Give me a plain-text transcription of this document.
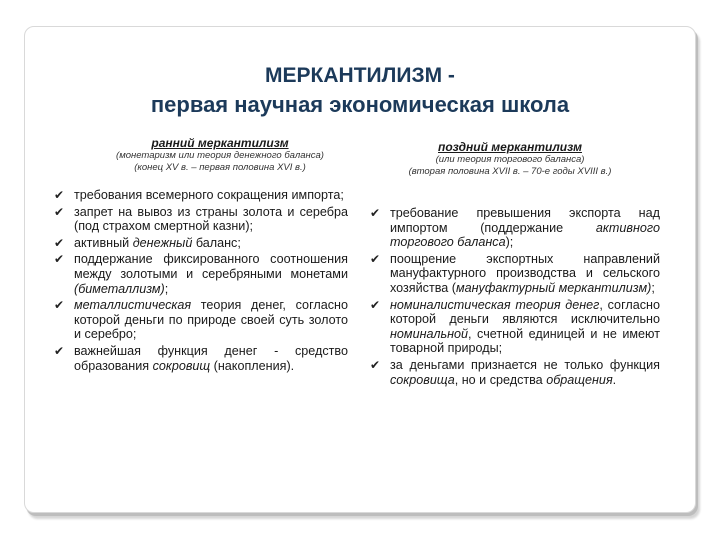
МЕРКАНТИЛИЗМ -
первая научная экономическая школа
ранний меркантилизм
(монетаризм или теория денежного баланса)
(конец XV в. – первая половина XVI в.)
поздний меркантилизм
(или теория торгового баланса)
(вторая половина XVII в. – 70-е годы XVIII в.)
✔ требования всемерного сокращения импорта;
✔ запрет на вывоз из страны золота и серебра (под страхом смертной казни);
✔ активный денежный баланс;
✔ поддержание фиксированного соотношения между золотыми и серебряными монетами (биметаллизм);
✔ металлистическая теория денег, согласно которой деньги по природе своей суть золото и серебро;
✔ важнейшая функция денег - средство образования сокровищ (накопления).
✔ требование превышения экспорта над импортом (поддержание активного торгового баланса);
✔ поощрение экспортных направлений мануфактурного производства и сельского хозяйства (мануфактурный меркантилизм);
✔ номиналистическая теория денег, согласно которой деньги являются исключительно номинальной, счетной единицей и не имеют товарной природы;
✔ за деньгами признается не только функция сокровища, но и средства обращения.
